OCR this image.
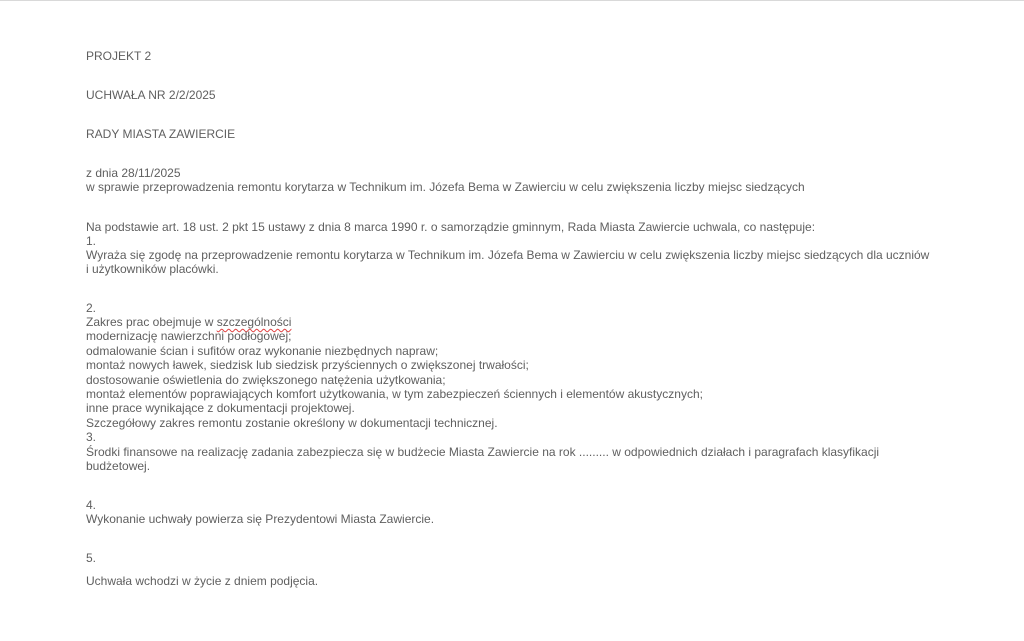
PROJEKT 2
UCHWAŁA NR 2/2/2025
RADY MIASTA ZAWIERCIE
z dnia 28/11/2025
w sprawie przeprowadzenia remontu korytarza w Technikum im. Józefa Bema w Zawierciu w celu zwiększenia liczby miejsc siedzących
Na podstawie art. 18 ust. 2 pkt 15 ustawy z dnia 8 marca 1990 r. o samorządzie gminnym, Rada Miasta Zawiercie uchwala, co następuje:
1.
Wyraża się zgodę na przeprowadzenie remontu korytarza w Technikum im. Józefa Bema w Zawierciu w celu zwiększenia liczby miejsc siedzących dla uczniów i użytkowników placówki.
2.
Zakres prac obejmuje w szczególności
modernizację nawierzchni podłogowej;
odmalowanie ścian i sufitów oraz wykonanie niezbędnych napraw;
montaż nowych ławek, siedzisk lub siedzisk przyściennych o zwiększonej trwałości;
dostosowanie oświetlenia do zwiększonego natężenia użytkowania;
montaż elementów poprawiających komfort użytkowania, w tym zabezpieczeń ściennych i elementów akustycznych;
inne prace wynikające z dokumentacji projektowej.
Szczegółowy zakres remontu zostanie określony w dokumentacji technicznej.
3.
Środki finansowe na realizację zadania zabezpiecza się w budżecie Miasta Zawiercie na rok ......... w odpowiednich działach i paragrafach klasyfikacji budżetowej.
4.
Wykonanie uchwały powierza się Prezydentowi Miasta Zawiercie.
5.
Uchwała wchodzi w życie z dniem podjęcia.
